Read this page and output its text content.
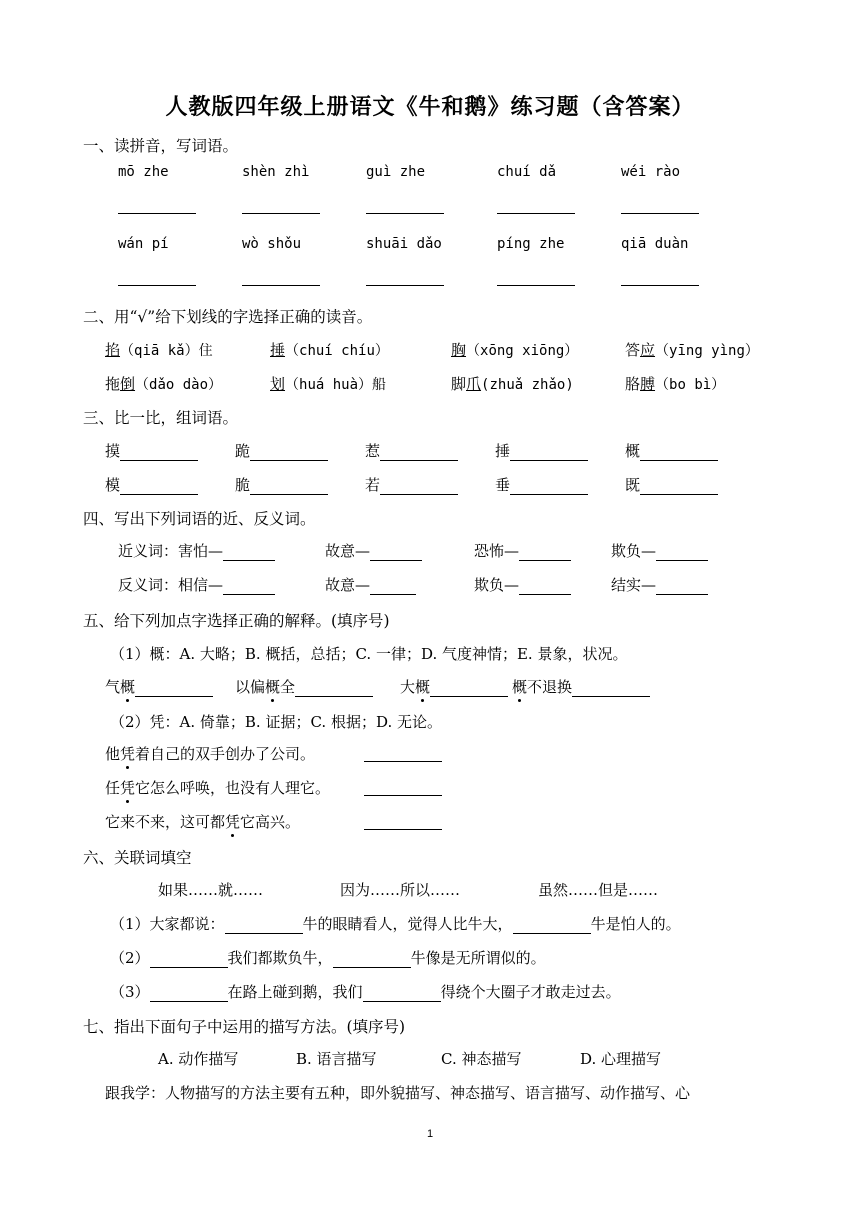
人教版四年级上册语文《牛和鹅》练习题（含答案）
一、读拼音，写词语。
mō zhe	shèn zhì	guì zhe	chuí dǎ	wéi rào
wán pí	wò shǒu	shuāi dǎo	píng zhe	qiā duàn
二、用“√”给下划线的字选择正确的读音。
掐（qiā kǎ）住	捶（chuí chíu）	胸（xōng xiōng）	答应（yīng yìng）
拖倒（dǎo dào）	划（huá huà）船	脚爪(zhuǎ zhǎo)	胳膊（bo bì）
三、比一比，组词语。
摸	跪	惹	捶	概
模	脆	若	垂	既
四、写出下列词语的近、反义词。
近义词：害怕—	故意—	恐怖—	欺负—
反义词：相信—	故意—	欺负—	结实—
五、给下列加点字选择正确的解释。(填序号)
（1）概：A. 大略；B. 概括，总括；C. 一律；D. 气度神情；E. 景象，状况。
气概	以偏概全	大概	概不退换
（2）凭：A. 倚靠；B. 证据；C. 根据；D. 无论。
他凭着自己的双手创办了公司。
任凭它怎么呼唤，也没有人理它。
它来不来，这可都凭它高兴。
六、关联词填空
如果……就……	因为……所以……	虽然……但是……
（1）大家都说：	牛的眼睛看人，觉得人比牛大，	牛是怕人的。
（2）	我们都欺负牛，	牛像是无所谓似的。
（3）	在路上碰到鹅，我们	得绕个大圈子才敢走过去。
七、指出下面句子中运用的描写方法。(填序号)
A. 动作描写	B. 语言描写	C. 神态描写	D. 心理描写
跟我学：人物描写的方法主要有五种，即外貌描写、神态描写、语言描写、动作描写、心
1
